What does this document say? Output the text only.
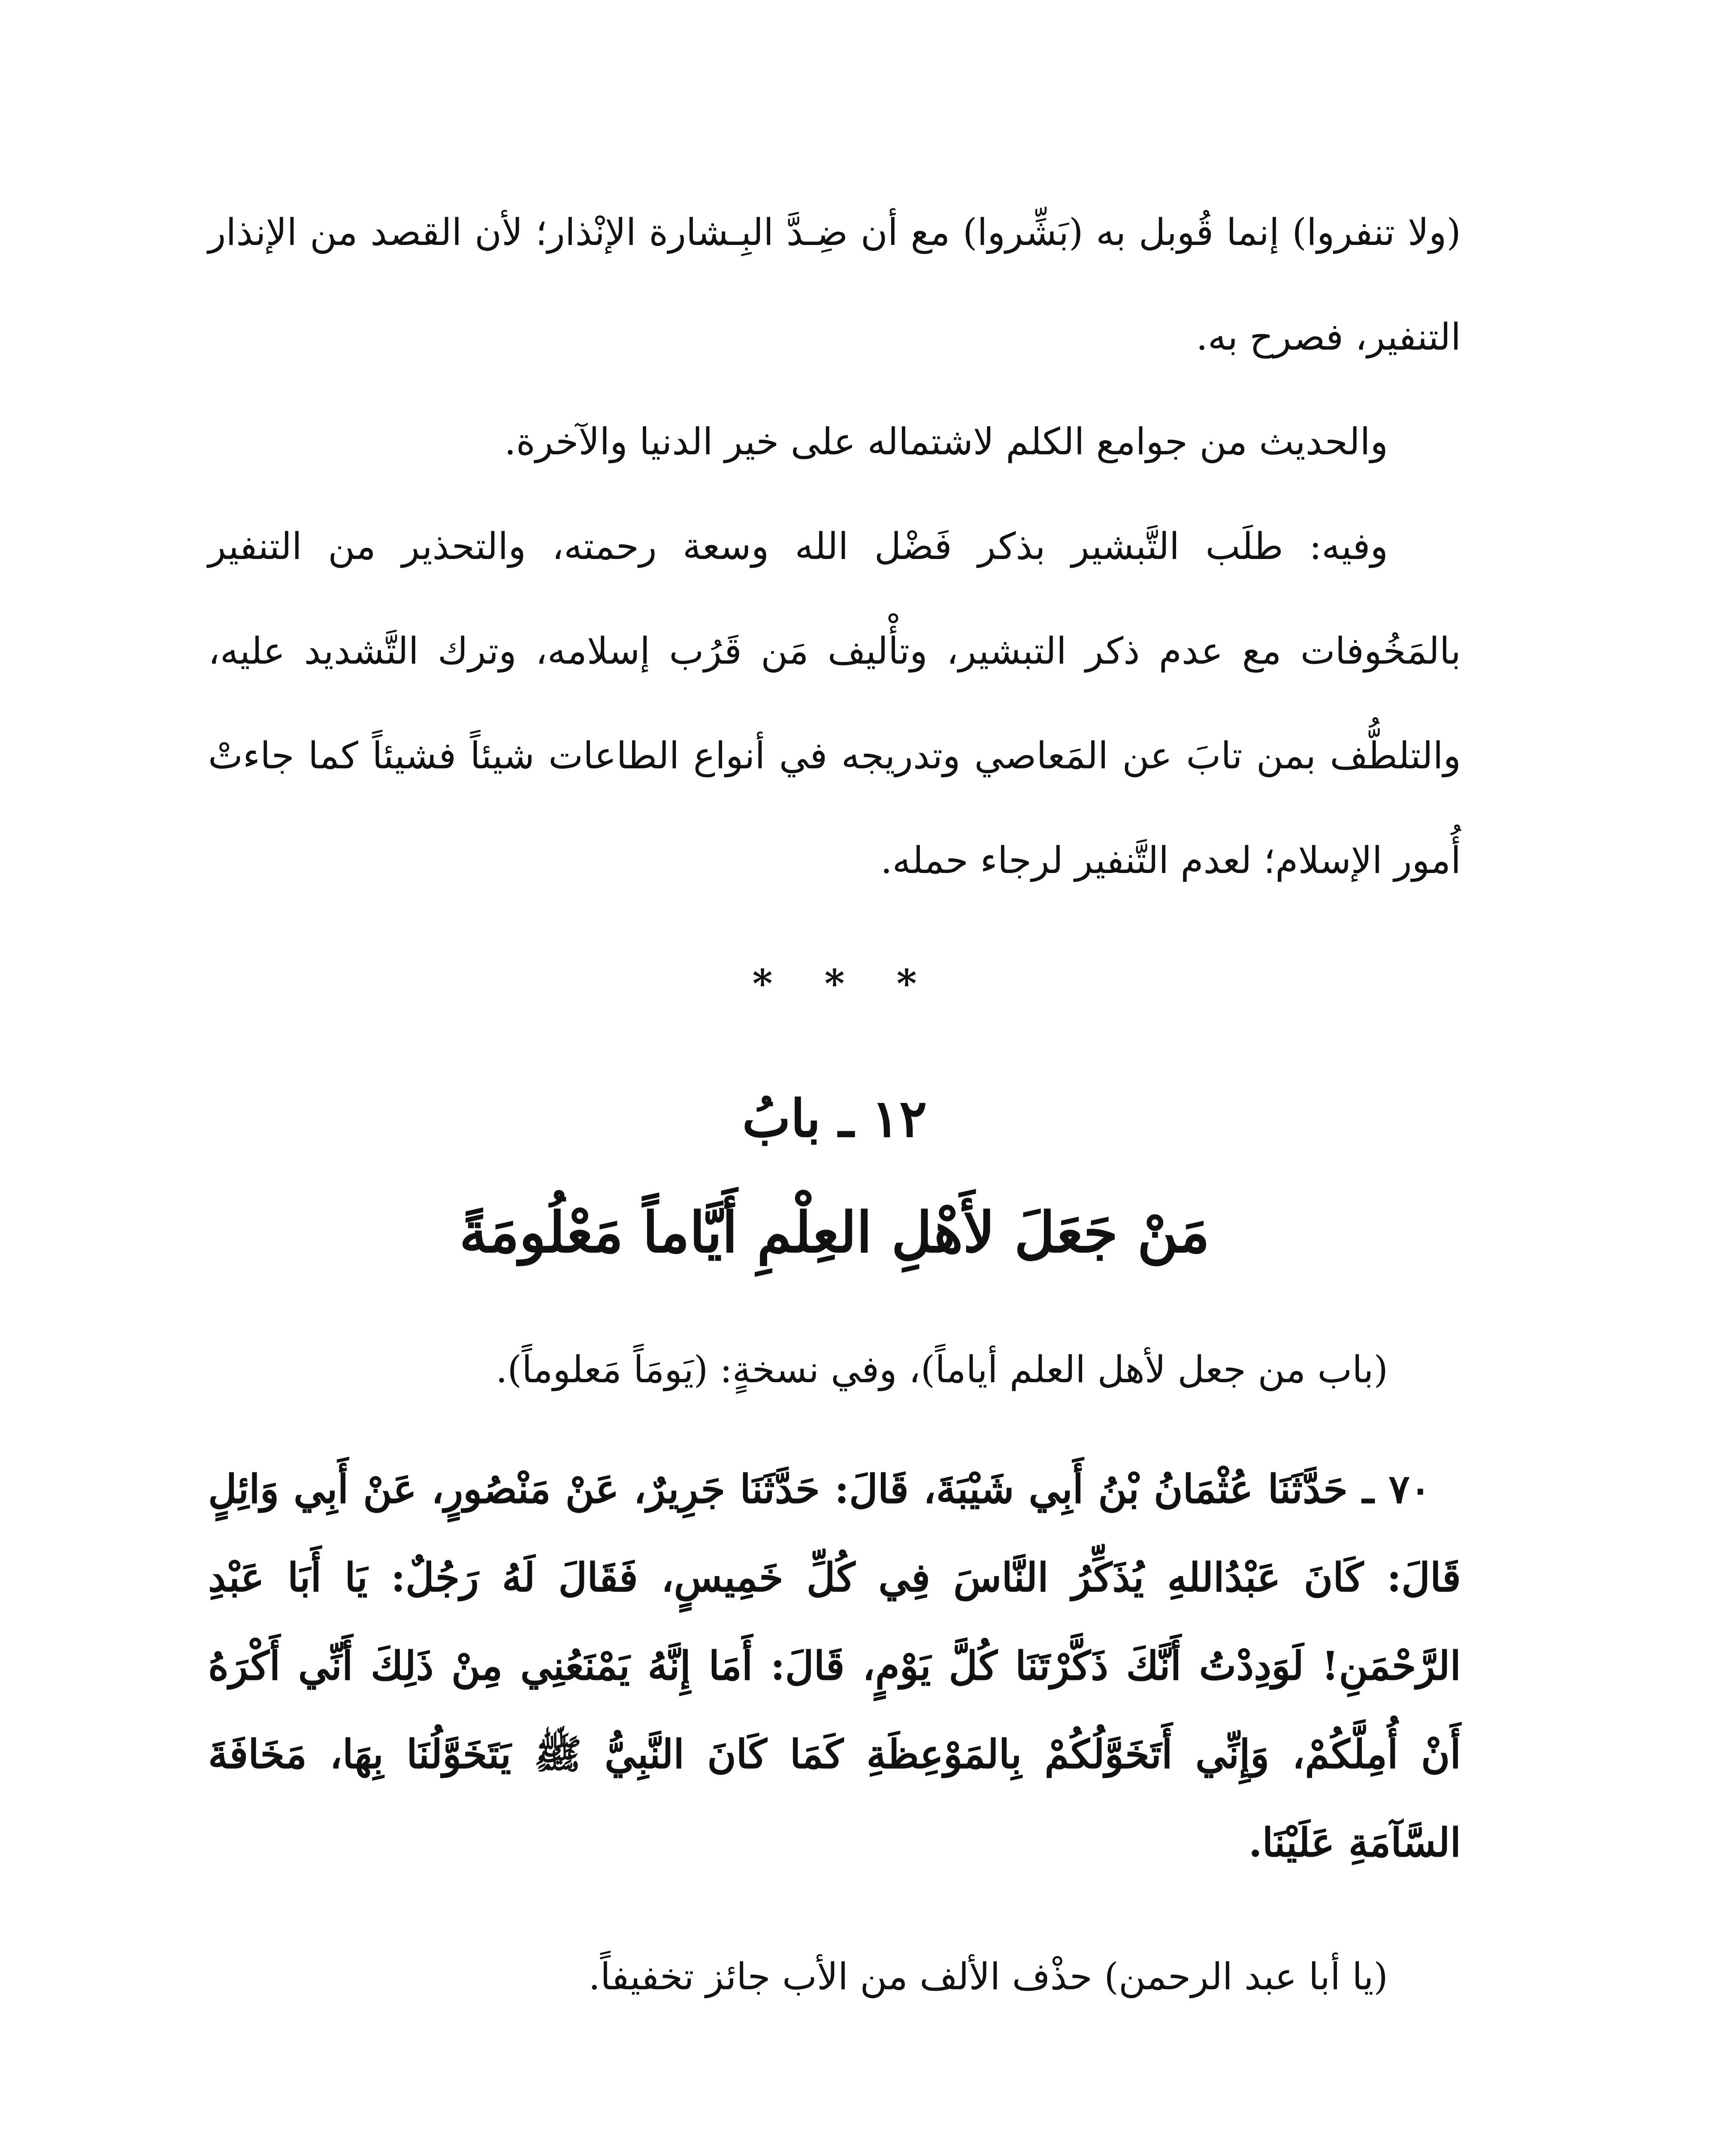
(ولا تنفروا) إنما قُوبل به (بَشِّروا) مع أن ضِـدَّ البِـشارة الإنْذار؛ لأن القصد من الإنذار التنفير، فصرح به.

والحديث من جوامع الكلم لاشتماله على خير الدنيا والآخرة.

وفيه: طلَب التَّبشير بذكر فَضْل الله وسعة رحمته، والتحذير من التنفير بالمَخُوفات مع عدم ذكر التبشير، وتأْليف مَن قَرُب إسلامه، وترك التَّشديد عليه، والتلطُّف بمن تابَ عن المَعاصي وتدريجه في أنواع الطاعات شيئاً فشيئاً كما جاءتْ أُمور الإسلام؛ لعدم التَّنفير لرجاء حمله.

*
*
*
١٢ ـ بابُ
مَنْ جَعَلَ لأَهْلِ العِلْمِ أَيَّاماً مَعْلُومَةً

(باب من جعل لأهل العلم أياماً)، وفي نسخةٍ: (يَومَاً مَعلوماً).

٧٠ ـ حَدَّثَنَا عُثْمَانُ بْنُ أَبِي شَيْبَةَ، قَالَ: حَدَّثَنَا جَرِيرٌ، عَنْ مَنْصُورٍ، عَنْ أَبِي وَائِلٍ قَالَ: كَانَ عَبْدُاللهِ يُذَكِّرُ النَّاسَ فِي كُلِّ خَمِيسٍ، فَقَالَ لَهُ رَجُلٌ: يَا أَبَا عَبْدِ الرَّحْمَنِ! لَوَدِدْتُ أَنَّكَ ذَكَّرْتَنَا كُلَّ يَوْمٍ، قَالَ: أَمَا إِنَّهُ يَمْنَعُنِي مِنْ ذَلِكَ أَنِّي أَكْرَهُ أَنْ أُمِلَّكُمْ، وَإِنِّي أَتَخَوَّلُكُمْ بِالمَوْعِظَةِ كَمَا كَانَ النَّبِيُّ ﷺ يَتَخَوَّلُنَا بِهَا، مَخَافَةَ السَّآمَةِ عَلَيْنَا.

(يا أبا عبد الرحمن) حذْف الألف من الأب جائز تخفيفاً.
